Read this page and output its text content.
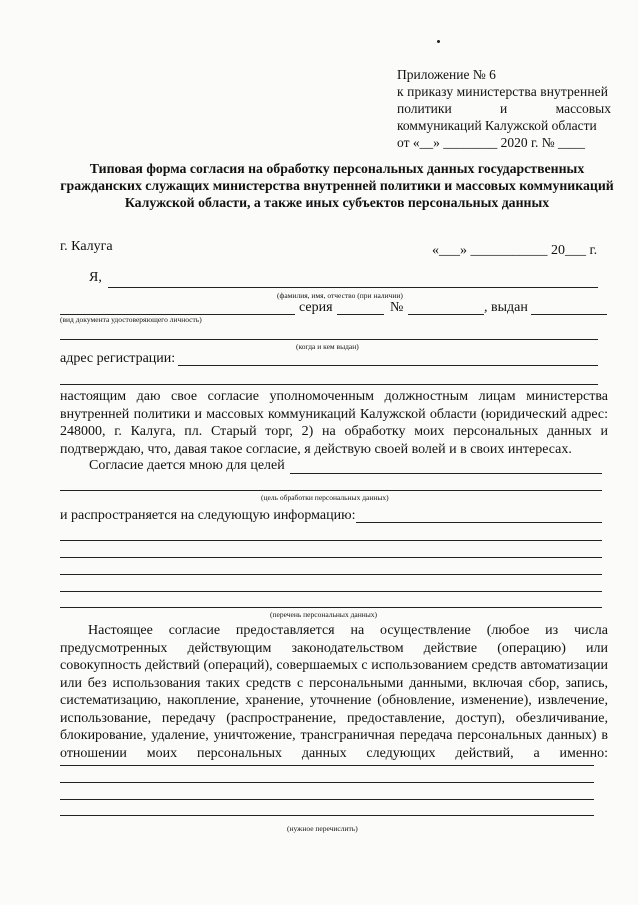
Приложение № 6
к приказу министерства внутренней
политики	и	массовых
коммуникаций Калужской области
от «__» ________ 2020 г. № ____
Типовая форма согласия на обработку персональных данных государственных гражданских служащих министерства внутренней политики и массовых коммуникаций Калужской области, а также иных субъектов персональных данных
г. Калуга	«___» ___________ 20___ г.
Я,
(фамилия, имя, отчество (при наличии)
серия	№	, выдан
(вид документа удостоверяющего личность)
(когда и кем выдан)
адрес регистрации:
настоящим даю свое согласие уполномоченным должностным лицам министерства внутренней политики и массовых коммуникаций Калужской области (юридический адрес: 248000, г. Калуга, пл. Старый торг, 2) на обработку моих персональных данных и подтверждаю, что, давая такое согласие, я действую своей волей и в своих интересах.
Согласие дается мною для целей
(цель обработки персональных данных)
и распространяется на следующую информацию:
(перечень персональных данных)
Настоящее согласие предоставляется на осуществление (любое из числа предусмотренных действующим законодательством действие (операцию) или совокупность действий (операций), совершаемых с использованием средств автоматизации или без использования таких средств с персональными данными, включая сбор, запись, систематизацию, накопление, хранение, уточнение (обновление, изменение), извлечение, использование, передачу (распространение, предоставление, доступ), обезличивание, блокирование, удаление, уничтожение, трансграничная передача персональных данных) в отношении моих персональных данных следующих действий, а именно:
(нужное перечислить)
